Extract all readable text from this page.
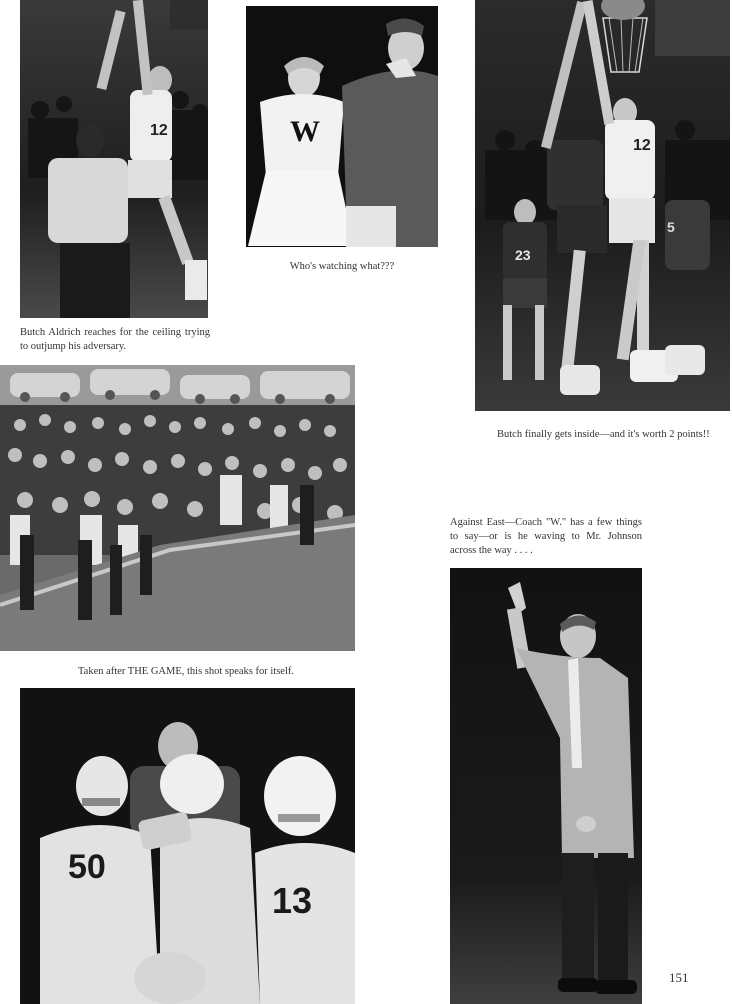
12

Butch Aldrich reaches for the ceiling trying to outjump his adversary.

W

Who's watching what???

23
12
5

Butch finally gets inside—and it's worth 2 points!!

Taken after THE GAME, this shot speaks for itself.

Against East—Coach "W." has a few things to say—or is he waving to Mr. Johnson across the way . . . .

50
13
151
